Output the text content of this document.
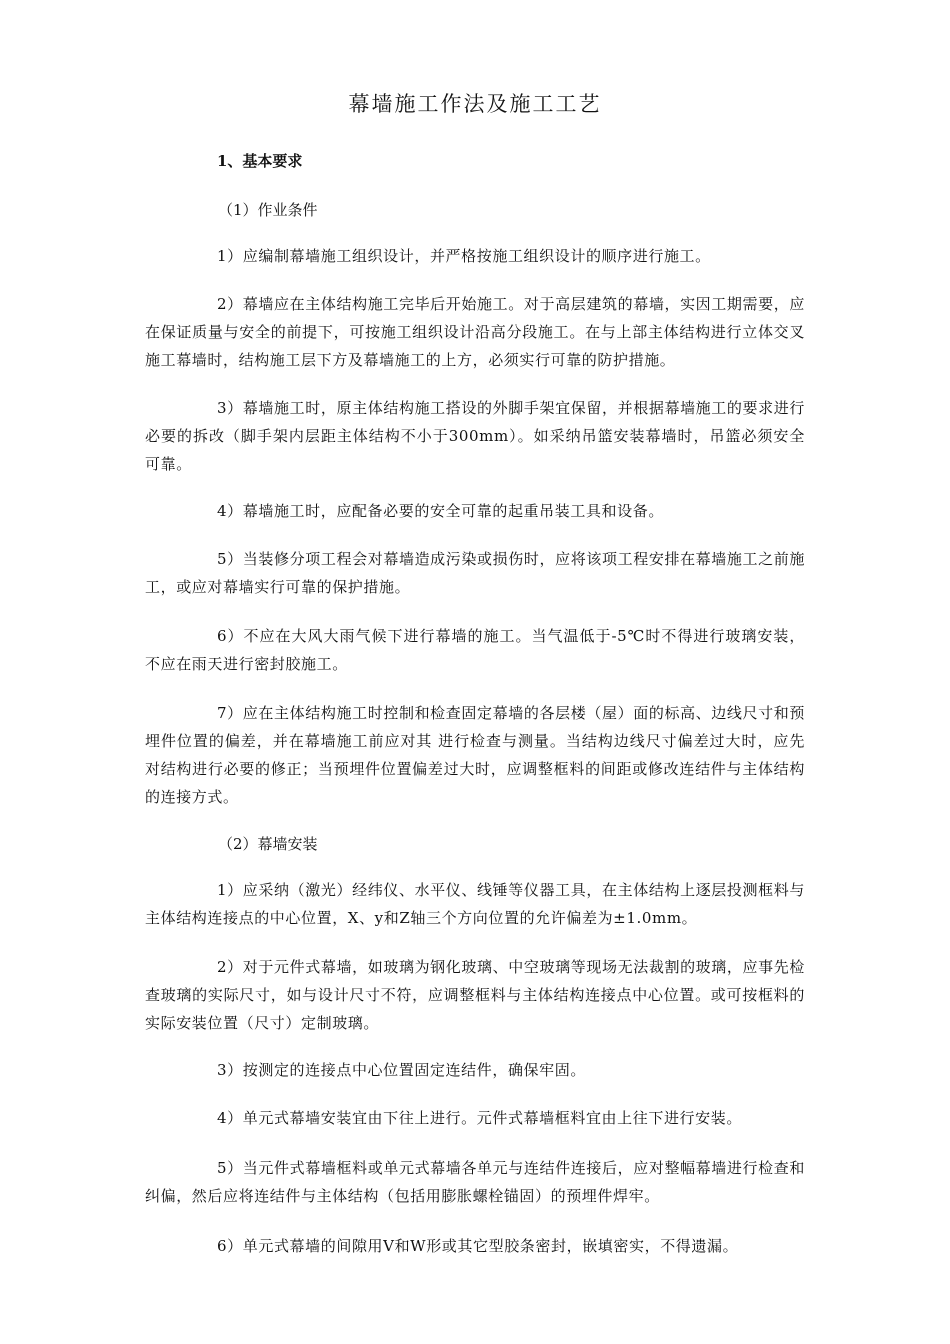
幕墙施工作法及施工工艺
1、基本要求
（1）作业条件

1）应编制幕墙施工组织设计，并严格按施工组织设计的顺序进行施工。

2）幕墙应在主体结构施工完毕后开始施工。对于高层建筑的幕墙，实因工期需要，应在保证质量与安全的前提下，可按施工组织设计沿高分段施工。在与上部主体结构进行立体交叉施工幕墙时，结构施工层下方及幕墙施工的上方，必须实行可靠的防护措施。

3）幕墙施工时，原主体结构施工搭设的外脚手架宜保留，并根据幕墙施工的要求进行必要的拆改（脚手架内层距主体结构不小于300mm）。如采纳吊篮安装幕墙时，吊篮必须安全可靠。

4）幕墙施工时，应配备必要的安全可靠的起重吊装工具和设备。

5）当装修分项工程会对幕墙造成污染或损伤时，应将该项工程安排在幕墙施工之前施工，或应对幕墙实行可靠的保护措施。

6）不应在大风大雨气候下进行幕墙的施工。当气温低于-5℃时不得进行玻璃安装，不应在雨天进行密封胶施工。

7）应在主体结构施工时控制和检查固定幕墙的各层楼（屋）面的标高、边线尺寸和预埋件位置的偏差，并在幕墙施工前应对其 进行检查与测量。当结构边线尺寸偏差过大时，应先对结构进行必要的修正；当预埋件位置偏差过大时，应调整框料的间距或修改连结件与主体结构的连接方式。

（2）幕墙安装

1）应采纳（激光）经纬仪、水平仪、线锤等仪器工具，在主体结构上逐层投测框料与主体结构连接点的中心位置，X、y和Z轴三个方向位置的允许偏差为±1.0mm。

2）对于元件式幕墙，如玻璃为钢化玻璃、中空玻璃等现场无法裁割的玻璃，应事先检查玻璃的实际尺寸，如与设计尺寸不符，应调整框料与主体结构连接点中心位置。或可按框料的实际安装位置（尺寸）定制玻璃。

3）按测定的连接点中心位置固定连结件，确保牢固。

4）单元式幕墙安装宜由下往上进行。元件式幕墙框料宜由上往下进行安装。

5）当元件式幕墙框料或单元式幕墙各单元与连结件连接后，应对整幅幕墙进行检查和纠偏，然后应将连结件与主体结构（包括用膨胀螺栓锚固）的预埋件焊牢。

6）单元式幕墙的间隙用V和W形或其它型胶条密封，嵌填密实，不得遗漏。
